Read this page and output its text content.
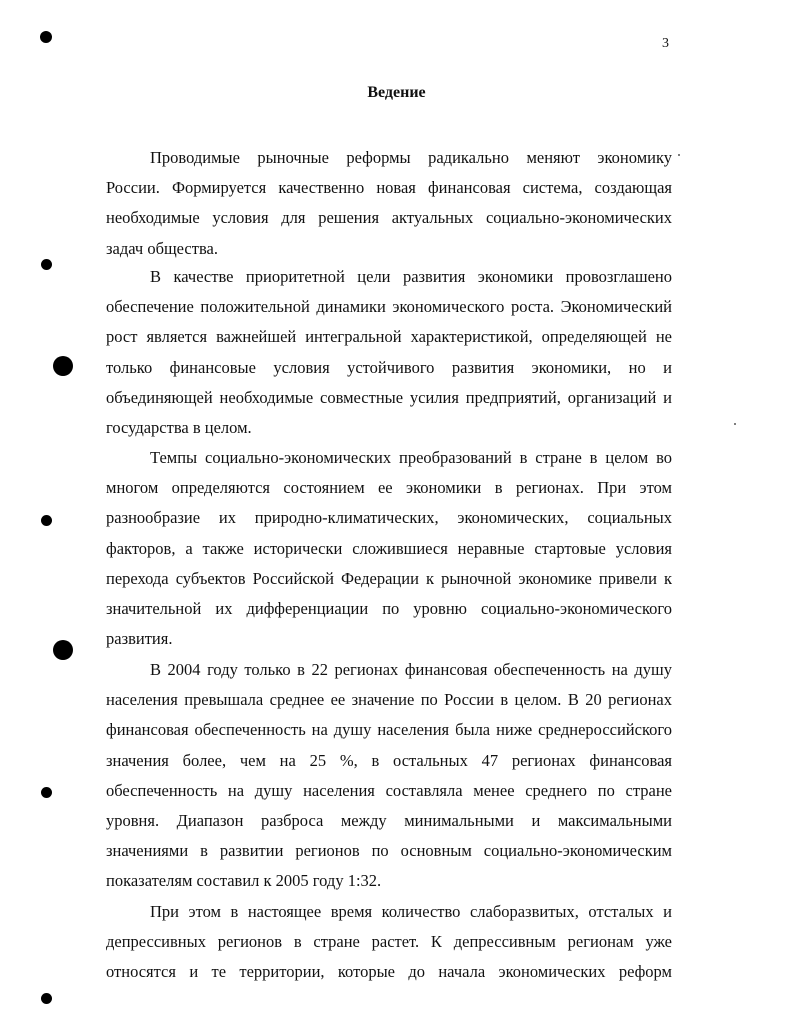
3
Ведение
Проводимые рыночные реформы радикально меняют экономику
России. Формируется качественно новая финансовая система, создающая
необходимые условия для решения актуальных социально-экономических
задач общества.
В качестве приоритетной цели развития экономики провозглашено
обеспечение положительной динамики экономического роста. Экономический
рост является важнейшей интегральной характеристикой, определяющей не
только финансовые условия устойчивого развития экономики, но и
объединяющей необходимые совместные усилия предприятий, организаций и
государства в целом.
Темпы социально-экономических преобразований в стране в целом во
многом определяются состоянием ее экономики в регионах. При этом
разнообразие их природно-климатических, экономических, социальных
факторов, а также исторически сложившиеся неравные стартовые условия
перехода субъектов Российской Федерации к рыночной экономике привели к
значительной их дифференциации по уровню социально-экономического
развития.
В 2004 году только в 22 регионах финансовая обеспеченность на душу
населения превышала среднее ее значение по России в целом. В 20 регионах
финансовая обеспеченность на душу населения была ниже среднероссийского
значения более, чем на 25 %, в остальных 47 регионах финансовая
обеспеченность на душу населения составляла менее среднего по стране
уровня. Диапазон разброса между минимальными и максимальными
значениями в развитии регионов по основным социально-экономическим
показателям составил к 2005 году 1:32.
При этом в настоящее время количество слаборазвитых, отсталых и
депрессивных регионов в стране растет. К депрессивным регионам уже
относятся и те территории, которые до начала экономических реформ
